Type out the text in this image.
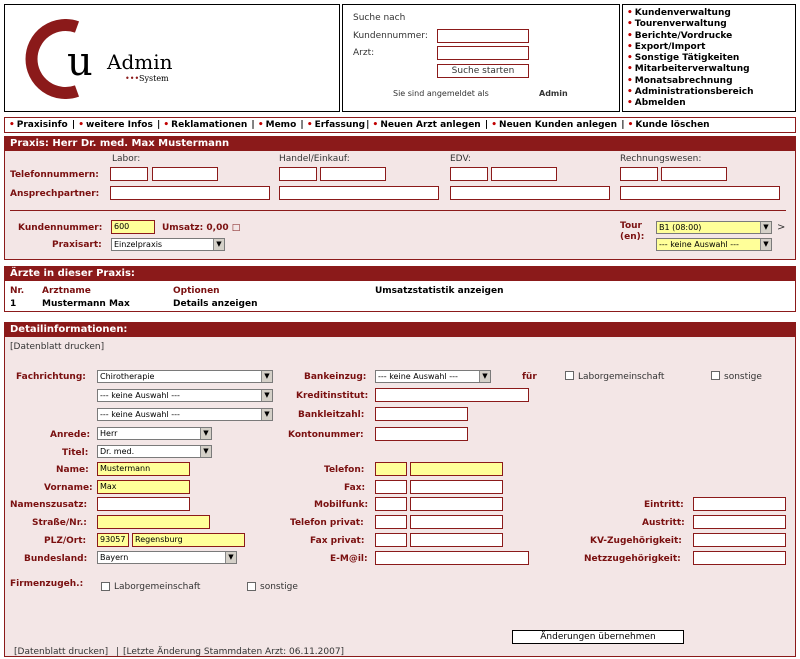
u Admin
••• System
Suche nach
Kundennummer:
Arzt:
Suche starten
Sie sind angemeldet als	Admin
• Kundenverwaltung
• Tourenverwaltung
• Berichte/Vordrucke
• Export/Import
• Sonstige Tätigkeiten
• Mitarbeiterverwaltung
• Monatsabrechnung
• Administrationsbereich
• Abmelden
• Praxisinfo | • weitere Infos | • Reklamationen | • Memo | • Erfassung| • Neuen Arzt anlegen | • Neuen Kunden anlegen | • Kunde löschen
Praxis: Herr Dr. med. Max Mustermann
Labor:	Handel/Einkauf:	EDV:	Rechnungswesen:
Telefonnummern:
Ansprechpartner:
Kundennummer:	600	Umsatz: 0,00 □
Praxisart:	Einzelpraxis	▼
Tour
(en):
B1 (08:00)	▼ >
--- keine Auswahl ---	▼
Ärzte in dieser Praxis:
Nr. Arztname	Optionen	Umsatzstatistik anzeigen
1	Mustermann Max	Details anzeigen
Detailinformationen:
[Datenblatt drucken]
Fachrichtung:	Chirotherapie	▼
--- keine Auswahl ---	▼
--- keine Auswahl ---	▼
Anrede:	Herr	▼
Titel:	Dr. med.	▼
Name:	Mustermann
Vorname: Max
Namenszusatz:
Straße/Nr.:
PLZ/Ort:	93057	Regensburg
Bundesland:	Bayern	▼
Firmenzugeh.:	Laborgemeinschaft	sonstige
Bankeinzug:	--- keine Auswahl ---	▼	für
Kreditinstitut:
Bankleitzahl:
Kontonummer:
Telefon:
Fax:
Mobilfunk:
Telefon privat:
Fax privat:
E-M@il:
Laborgemeinschaft	sonstige
Eintritt:
Austritt:
KV-Zugehörigkeit:
Netzzugehörigkeit:
Änderungen übernehmen
[Datenblatt drucken] | [Letzte Änderung Stammdaten Arzt: 06.11.2007]
